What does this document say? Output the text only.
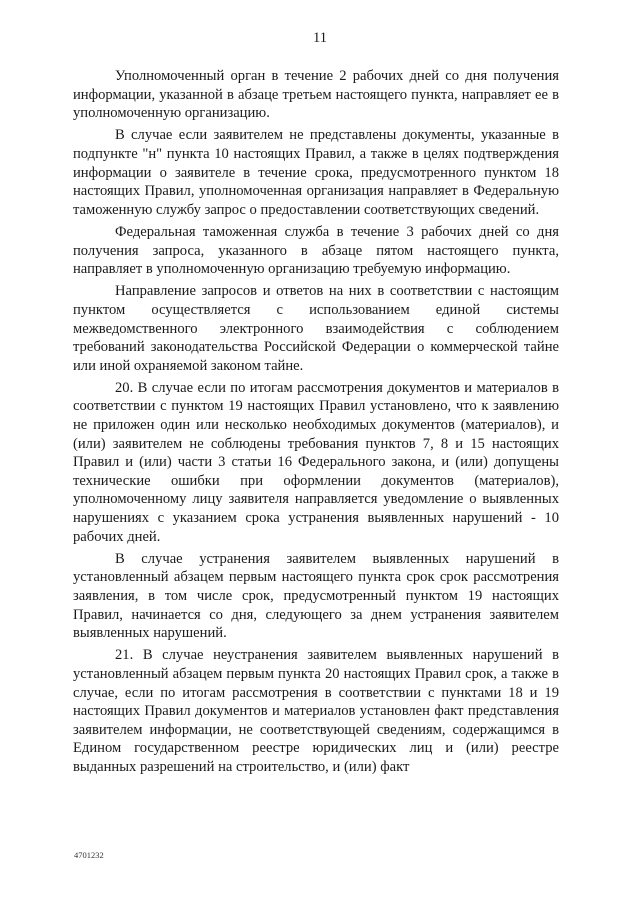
11

Уполномоченный орган в течение 2 рабочих дней со дня получения информации, указанной в абзаце третьем настоящего пункта, направляет ее в уполномоченную организацию.

В случае если заявителем не представлены документы, указанные в подпункте "н" пункта 10 настоящих Правил, а также в целях подтверждения информации о заявителе в течение срока, предусмотренного пунктом 18 настоящих Правил, уполномоченная организация направляет в Федеральную таможенную службу запрос о предоставлении соответствующих сведений.

Федеральная таможенная служба в течение 3 рабочих дней со дня получения запроса, указанного в абзаце пятом настоящего пункта, направляет в уполномоченную организацию требуемую информацию.

Направление запросов и ответов на них в соответствии с настоящим пунктом осуществляется с использованием единой системы межведомственного электронного взаимодействия с соблюдением требований законодательства Российской Федерации о коммерческой тайне или иной охраняемой законом тайне.

20. В случае если по итогам рассмотрения документов и материалов в соответствии с пунктом 19 настоящих Правил установлено, что к заявлению не приложен один или несколько необходимых документов (материалов), и (или) заявителем не соблюдены требования пунктов 7, 8 и 15 настоящих Правил и (или) части 3 статьи 16 Федерального закона, и (или) допущены технические ошибки при оформлении документов (материалов), уполномоченному лицу заявителя направляется уведомление о выявленных нарушениях с указанием срока устранения выявленных нарушений - 10 рабочих дней.

В случае устранения заявителем выявленных нарушений в установленный абзацем первым настоящего пункта срок срок рассмотрения заявления, в том числе срок, предусмотренный пунктом 19 настоящих Правил, начинается со дня, следующего за днем устранения заявителем выявленных нарушений.

21. В случае неустранения заявителем выявленных нарушений в установленный абзацем первым пункта 20 настоящих Правил срок, а также в случае, если по итогам рассмотрения в соответствии с пунктами 18 и 19 настоящих Правил документов и материалов установлен факт представления заявителем информации, не соответствующей сведениям, содержащимся в Едином государственном реестре юридических лиц и (или) реестре выданных разрешений на строительство, и (или) факт

4701232
